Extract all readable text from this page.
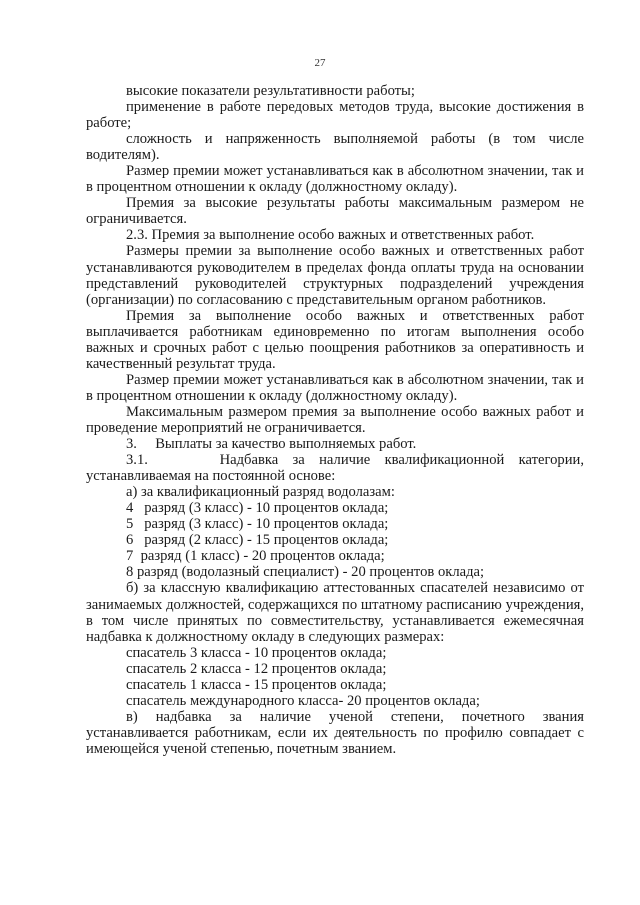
27

высокие показатели результативности работы;

применение в работе передовых методов труда, высокие достижения в работе;

сложность и напряженность выполняемой работы (в том числе водителям).

Размер премии может устанавливаться как в абсолютном значении, так и в процентном отношении к окладу (должностному окладу).

Премия за высокие результаты работы максимальным размером не ограничивается.

2.3. Премия за выполнение особо важных и ответственных работ.

Размеры премии за выполнение особо важных и ответственных работ устанавливаются руководителем в пределах фонда оплаты труда на основании представлений руководителей структурных подразделений учреждения (организации) по согласованию с представительным органом работников.

Премия за выполнение особо важных и ответственных работ выплачивается работникам единовременно по итогам выполнения особо важных и срочных работ с целью поощрения работников за оперативность и качественный результат труда.

Размер премии может устанавливаться как в абсолютном значении, так и в процентном отношении к окладу (должностному окладу).

Максимальным размером премия за выполнение особо важных работ и проведение мероприятий не ограничивается.

3.     Выплаты за качество выполняемых работ.

3.1.     Надбавка за наличие квалификационной категории, устанавливаемая на постоянной основе:

а) за квалификационный разряд водолазам:

4   разряд (3 класс) - 10 процентов оклада;

5   разряд (3 класс) - 10 процентов оклада;

6   разряд (2 класс) - 15 процентов оклада;

7  разряд (1 класс) - 20 процентов оклада;

8 разряд (водолазный специалист) - 20 процентов оклада;

б) за классную квалификацию аттестованных спасателей независимо от занимаемых должностей, содержащихся по штатному расписанию учреждения, в том числе принятых по совместительству, устанавливается ежемесячная надбавка к должностному окладу в следующих размерах:

спасатель 3 класса - 10 процентов оклада;

спасатель 2 класса - 12 процентов оклада;

спасатель 1 класса - 15 процентов оклада;

спасатель международного класса- 20 процентов оклада;

в) надбавка за наличие ученой степени, почетного звания устанавливается работникам, если их деятельность по профилю совпадает с имеющейся ученой степенью, почетным званием.
